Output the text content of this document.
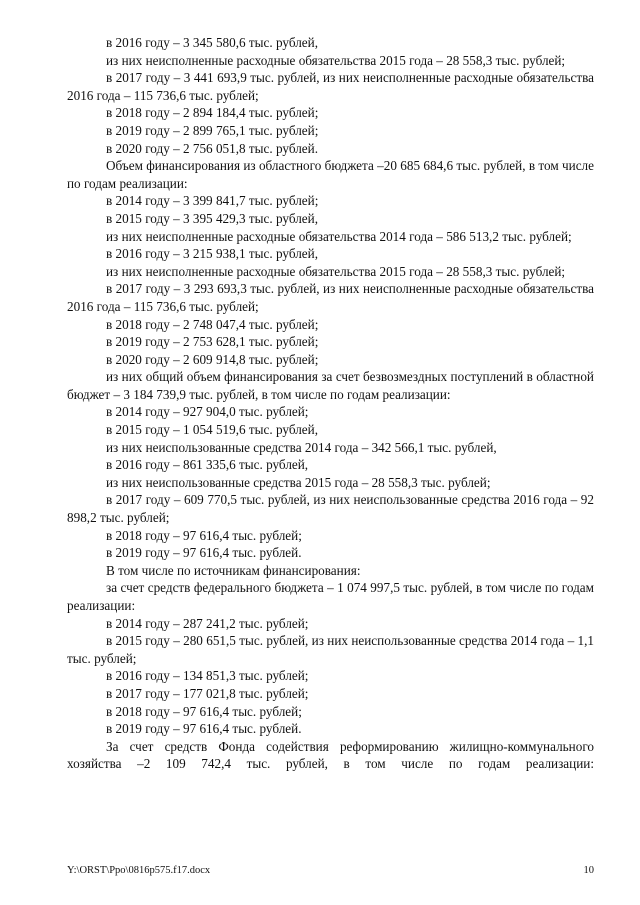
в 2016 году – 3 345 580,6 тыс. рублей,

из них неисполненные расходные обязательства 2015 года – 28 558,3 тыс. рублей;

в 2017 году – 3 441 693,9 тыс. рублей, из них неисполненные расходные обязательства 2016 года – 115 736,6 тыс. рублей;

в 2018 году – 2 894 184,4 тыс. рублей;

в 2019 году – 2 899 765,1 тыс. рублей;

в 2020 году – 2 756 051,8 тыс. рублей.

Объем финансирования из областного бюджета –20 685 684,6 тыс. рублей, в том числе по годам реализации:

в 2014 году – 3 399 841,7 тыс. рублей;

в 2015 году – 3 395 429,3 тыс. рублей,

из них неисполненные расходные обязательства 2014 года – 586 513,2 тыс. рублей;

в 2016 году – 3 215 938,1 тыс. рублей,

из них неисполненные расходные обязательства 2015 года – 28 558,3 тыс. рублей;

в 2017 году – 3 293 693,3 тыс. рублей, из них неисполненные расходные обязательства 2016 года – 115 736,6 тыс. рублей;

в 2018 году – 2 748 047,4 тыс. рублей;

в 2019 году – 2 753 628,1 тыс. рублей;

в 2020 году – 2 609 914,8 тыс. рублей;

из них общий объем финансирования за счет безвозмездных поступлений в областной бюджет – 3 184 739,9 тыс. рублей, в том числе по годам реализации:

в 2014 году – 927 904,0 тыс. рублей;

в 2015 году – 1 054 519,6 тыс. рублей,

из них неиспользованные средства 2014 года – 342 566,1 тыс. рублей,

в 2016 году – 861 335,6 тыс. рублей,

из них неиспользованные средства 2015 года – 28 558,3 тыс. рублей;

в 2017 году – 609 770,5 тыс. рублей, из них неиспользованные средства 2016 года – 92 898,2 тыс. рублей;

в 2018 году – 97 616,4 тыс. рублей;

в 2019 году – 97 616,4 тыс. рублей.

В том числе по источникам финансирования:

за счет средств федерального бюджета – 1 074 997,5 тыс. рублей, в том числе по годам реализации:

в 2014 году – 287 241,2 тыс. рублей;

в 2015 году – 280 651,5 тыс. рублей, из них неиспользованные средства 2014 года – 1,1 тыс. рублей;

в 2016 году – 134 851,3 тыс. рублей;

в 2017 году – 177 021,8 тыс. рублей;

в 2018 году – 97 616,4 тыс. рублей;

в 2019 году – 97 616,4 тыс. рублей.

За счет средств Фонда содействия реформированию жилищно-коммунального хозяйства –2 109 742,4 тыс. рублей, в том числе по годам реализации:

Y:\ORST\Ppo\0816p575.f17.docx	10
